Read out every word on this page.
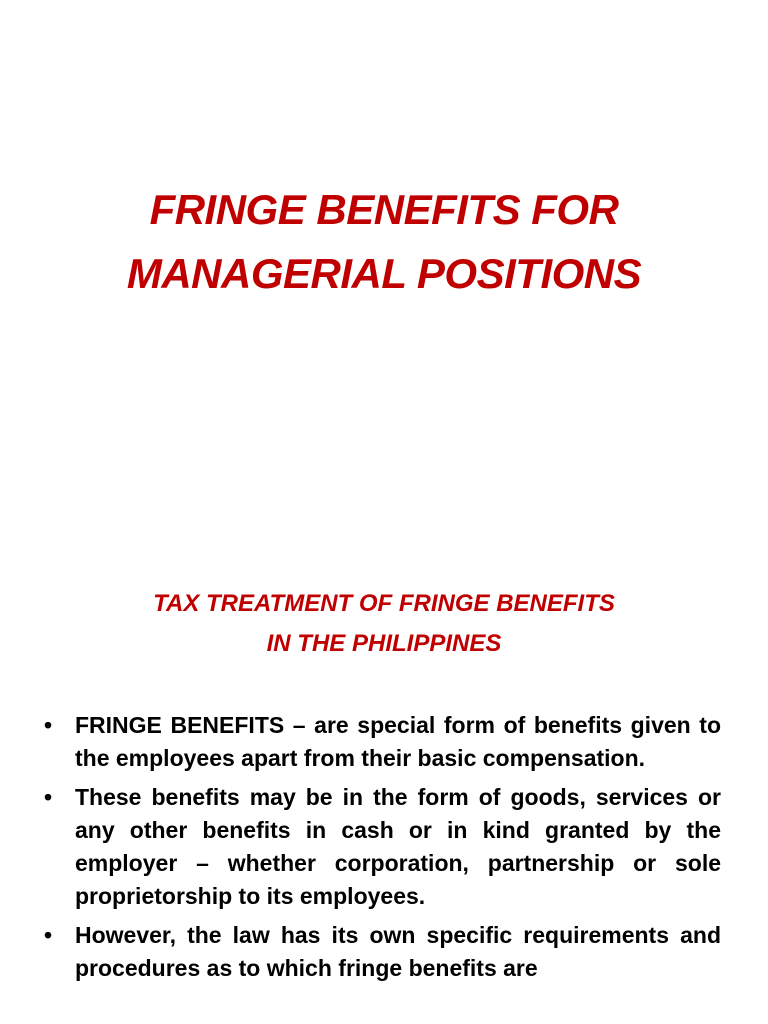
FRINGE BENEFITS FOR
MANAGERIAL POSITIONS
TAX TREATMENT OF FRINGE BENEFITS
IN THE PHILIPPINES
• FRINGE BENEFITS – are special form of benefits given to the employees apart from their basic compensation.
• These benefits may be in the form of goods, services or any other benefits in cash or in kind granted by the employer – whether corporation, partnership or sole proprietorship to its employees.
• However, the law has its own specific requirements and procedures as to which fringe benefits are
